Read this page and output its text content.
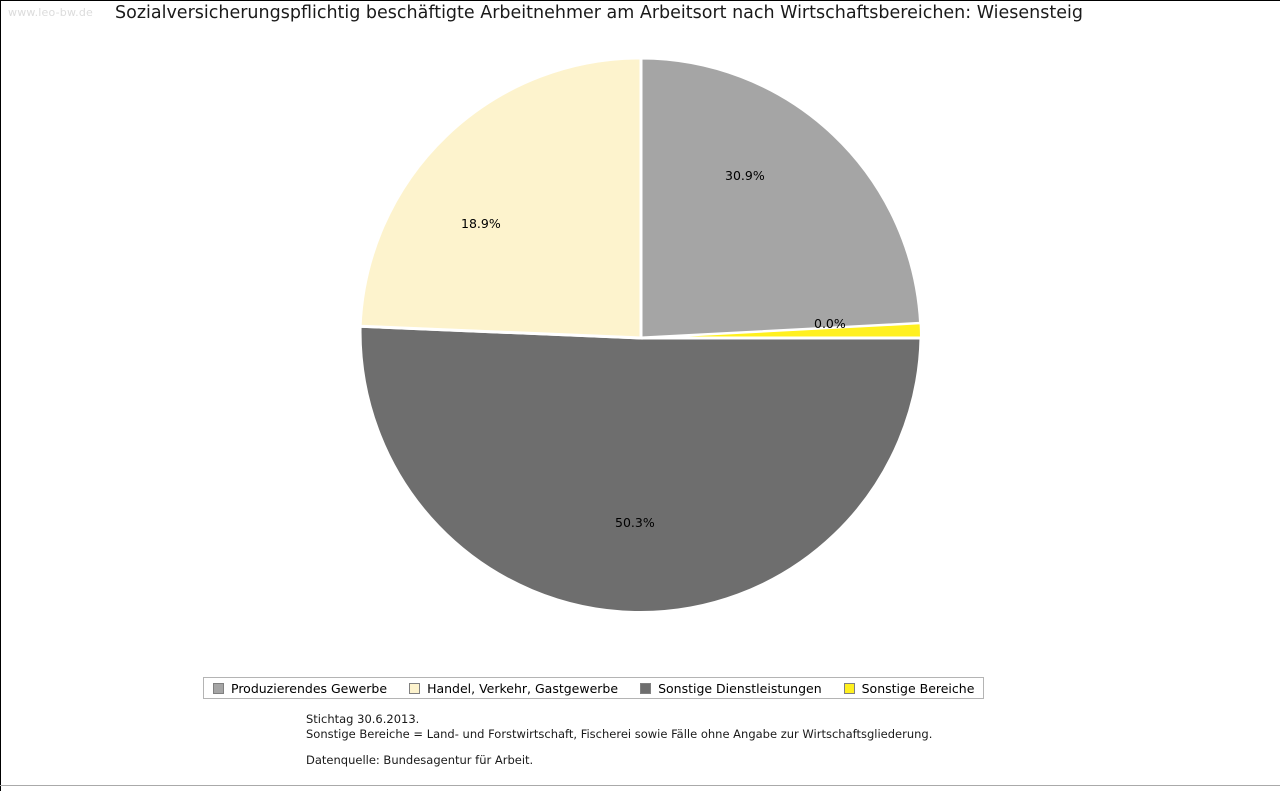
www.leo-bw.de Sozialversicherungspflichtig beschäftigte Arbeitnehmer am Arbeitsort nach Wirtschaftsbereichen: Wiesensteig
30.9%
18.9%
50.3%
0.0%
Produzierendes Gewerbe	Handel, Verkehr, Gastgewerbe	Sonstige Dienstleistungen	Sonstige Bereiche
Stichtag 30.6.2013.
Sonstige Bereiche = Land- und Forstwirtschaft, Fischerei sowie Fälle ohne Angabe zur Wirtschaftsgliederung.
Datenquelle: Bundesagentur für Arbeit.
